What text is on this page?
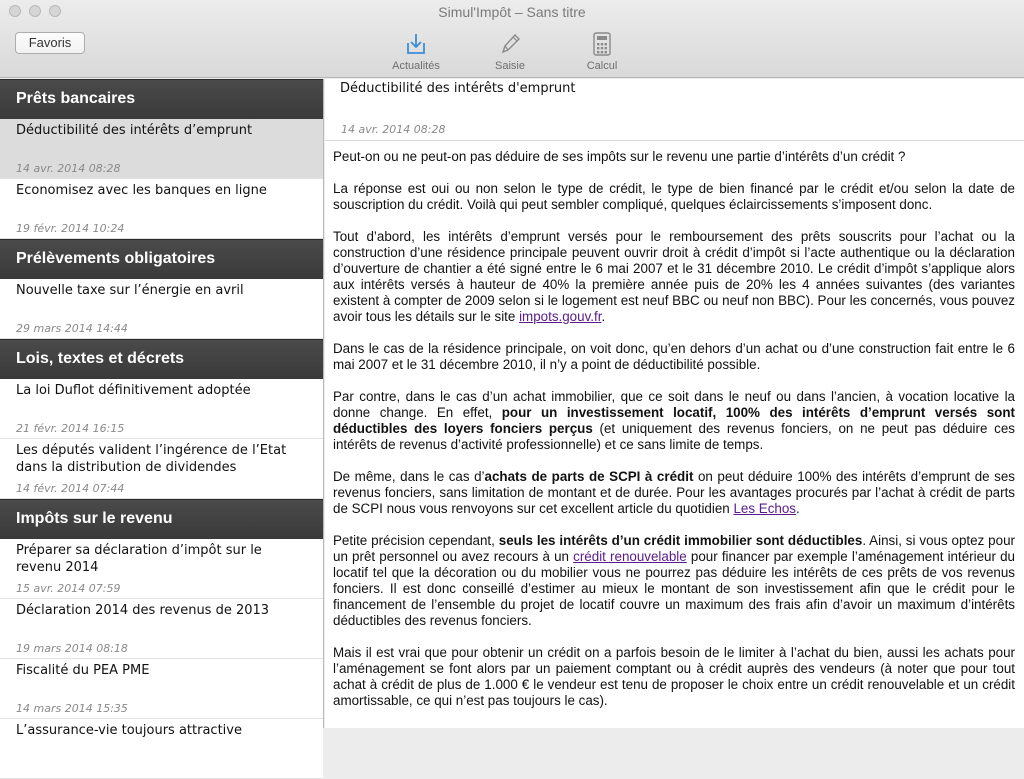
Simul'Impôt – Sans titre
Favoris
Actualités	Saisie	Calcul
Prêts bancaires
Déductibilité des intérêts d’emprunt
14 avr. 2014 08:28
Economisez avec les banques en ligne
19 févr. 2014 10:24
Prélèvements obligatoires
Nouvelle taxe sur l’énergie en avril
29 mars 2014 14:44
Lois, textes et décrets
La loi Duflot définitivement adoptée
21 févr. 2014 16:15
Les députés valident l’ingérence de l’Etat dans la distribution de dividendes
14 févr. 2014 07:44
Impôts sur le revenu
Préparer sa déclaration d’impôt sur le revenu 2014
15 avr. 2014 07:59
Déclaration 2014 des revenus de 2013
19 mars 2014 08:18
Fiscalité du PEA PME
14 mars 2014 15:35
L’assurance-vie toujours attractive
Déductibilité des intérêts d'emprunt
14 avr. 2014 08:28

Peut-on ou ne peut-on pas déduire de ses impôts sur le revenu une partie d’intérêts d’un crédit ?

La réponse est oui ou non selon le type de crédit, le type de bien financé par le crédit et/ou selon la date de souscription du crédit. Voilà qui peut sembler compliqué, quelques éclaircissements s’imposent donc.

Tout d’abord, les intérêts d’emprunt versés pour le remboursement des prêts souscrits pour l’achat ou la construction d’une résidence principale peuvent ouvrir droit à crédit d’impôt si l’acte authentique ou la déclaration d’ouverture de chantier a été signé entre le 6 mai 2007 et le 31 décembre 2010. Le crédit d’impôt s’applique alors aux intérêts versés à hauteur de 40% la première année puis de 20% les 4 années suivantes (des variantes existent à compter de 2009 selon si le logement est neuf BBC ou neuf non BBC). Pour les concernés, vous pouvez avoir tous les détails sur le site impots.gouv.fr.

Dans le cas de la résidence principale, on voit donc, qu’en dehors d’un achat ou d’une construction fait entre le 6 mai 2007 et le 31 décembre 2010, il n’y a point de déductibilité possible.

Par contre, dans le cas d’un achat immobilier, que ce soit dans le neuf ou dans l’ancien, à vocation locative la donne change. En effet, pour un investissement locatif, 100% des intérêts d’emprunt versés sont déductibles des loyers fonciers perçus (et uniquement des revenus fonciers, on ne peut pas déduire ces intérêts de revenus d’activité professionnelle) et ce sans limite de temps.

De même, dans le cas d’achats de parts de SCPI à crédit on peut déduire 100% des intérêts d’emprunt de ses revenus fonciers, sans limitation de montant et de durée. Pour les avantages procurés par l’achat à crédit de parts de SCPI nous vous renvoyons sur cet excellent article du quotidien Les Echos.

Petite précision cependant, seuls les intérêts d’un crédit immobilier sont déductibles. Ainsi, si vous optez pour un prêt personnel ou avez recours à un crédit renouvelable pour financer par exemple l’aménagement intérieur du locatif tel que la décoration ou du mobilier vous ne pourrez pas déduire les intérêts de ces prêts de vos revenus fonciers. Il est donc conseillé d’estimer au mieux le montant de son investissement afin que le crédit pour le financement de l’ensemble du projet de locatif couvre un maximum des frais afin d’avoir un maximum d’intérêts déductibles des revenus fonciers.

Mais il est vrai que pour obtenir un crédit on a parfois besoin de le limiter à l’achat du bien, aussi les achats pour l’aménagement se font alors par un paiement comptant ou à crédit auprès des vendeurs (à noter que pour tout achat à crédit de plus de 1.000 € le vendeur est tenu de proposer le choix entre un crédit renouvelable et un crédit amortissable, ce qui n’est pas toujours le cas).
